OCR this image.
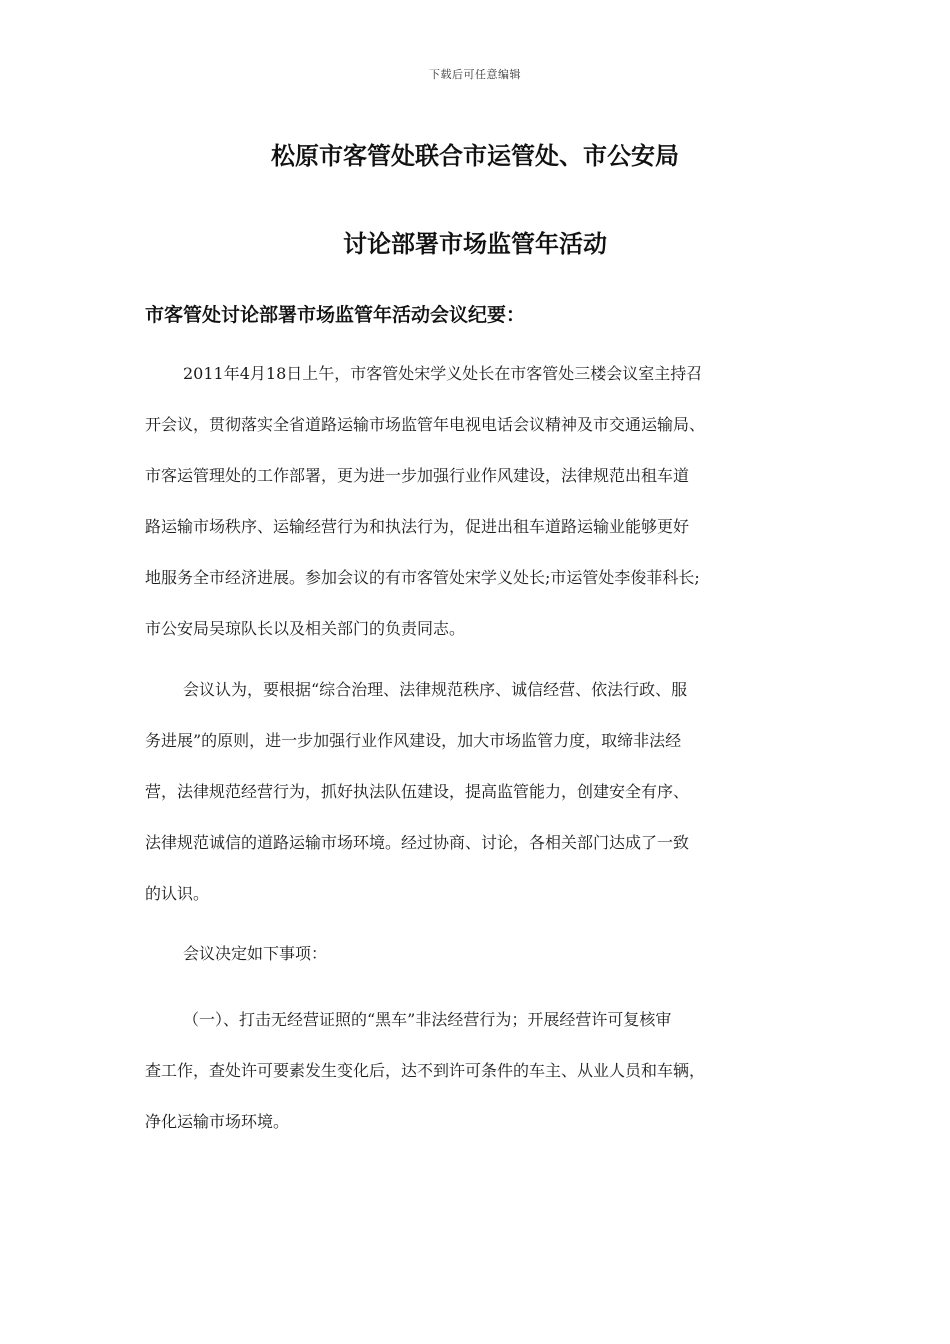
下载后可任意编辑
松原市客管处联合市运管处、市公安局
讨论部署市场监管年活动
市客管处讨论部署市场监管年活动会议纪要：
2011年4月18日上午，市客管处宋学义处长在市客管处三楼会议室主持召
开会议，贯彻落实全省道路运输市场监管年电视电话会议精神及市交通运输局、
市客运管理处的工作部署，更为进一步加强行业作风建设，法律规范出租车道
路运输市场秩序、运输经营行为和执法行为，促进出租车道路运输业能够更好
地服务全市经济进展。参加会议的有市客管处宋学义处长;市运管处李俊菲科长;
市公安局吴琼队长以及相关部门的负责同志。
会议认为，要根据“综合治理、法律规范秩序、诚信经营、依法行政、服
务进展”的原则，进一步加强行业作风建设，加大市场监管力度，取缔非法经
营，法律规范经营行为，抓好执法队伍建设，提高监管能力，创建安全有序、
法律规范诚信的道路运输市场环境。经过协商、讨论，各相关部门达成了一致
的认识。
会议决定如下事项：
（一）、打击无经营证照的“黑车”非法经营行为；开展经营许可复核审
查工作，查处许可要素发生变化后，达不到许可条件的车主、从业人员和车辆，
净化运输市场环境。
